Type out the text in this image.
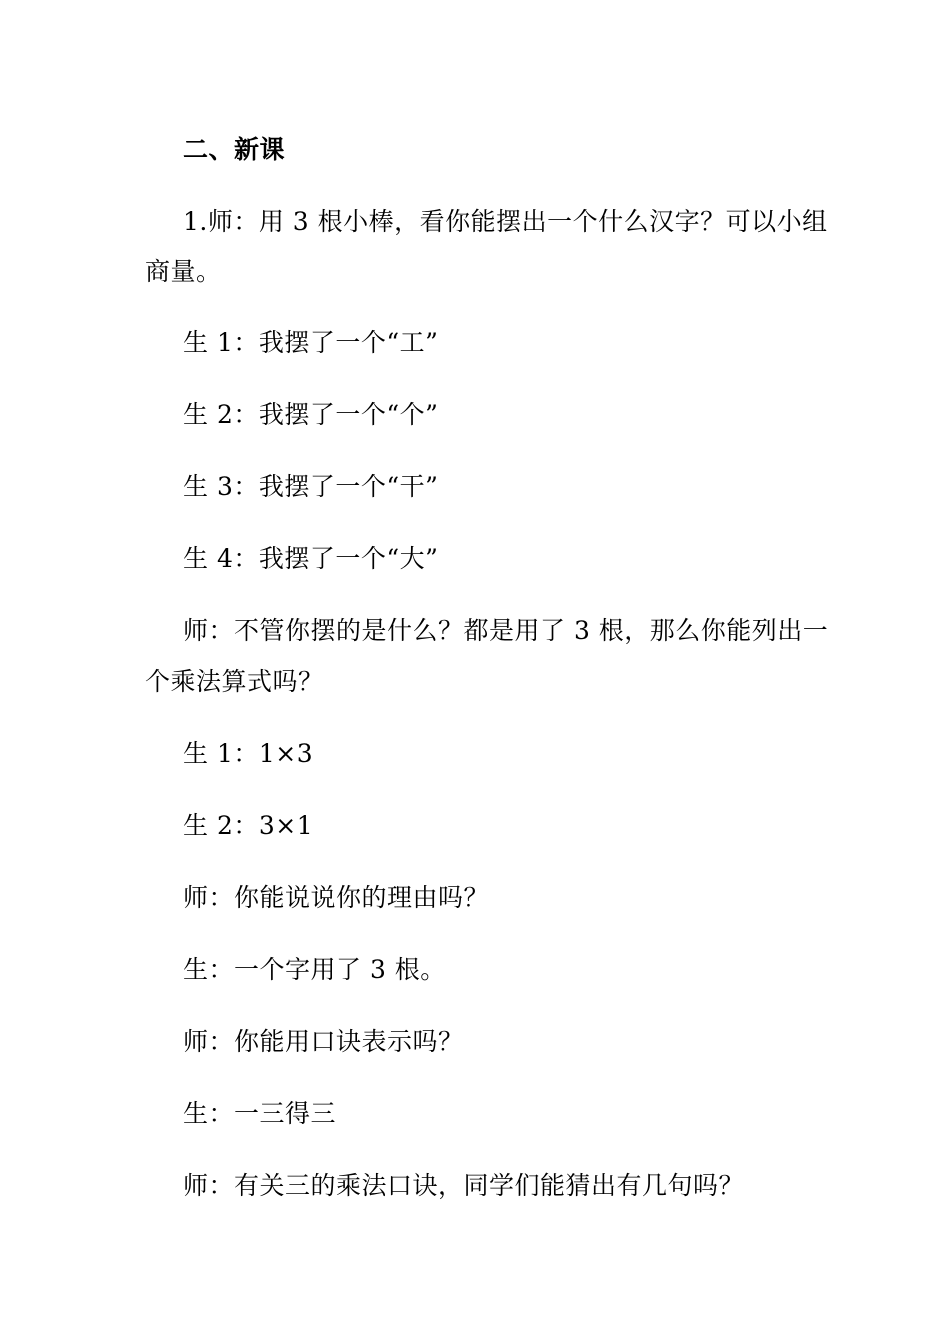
二、新课

1.师：用 3 根小棒，看你能摆出一个什么汉字？可以小组

商量。

生 1：我摆了一个“工”

生 2：我摆了一个“个”

生 3：我摆了一个“干”

生 4：我摆了一个“大”

师：不管你摆的是什么？都是用了 3 根，那么你能列出一

个乘法算式吗？

生 1：1×3

生 2：3×1

师：你能说说你的理由吗？

生：一个字用了 3 根。

师：你能用口诀表示吗？

生：一三得三

师：有关三的乘法口诀，同学们能猜出有几句吗？
